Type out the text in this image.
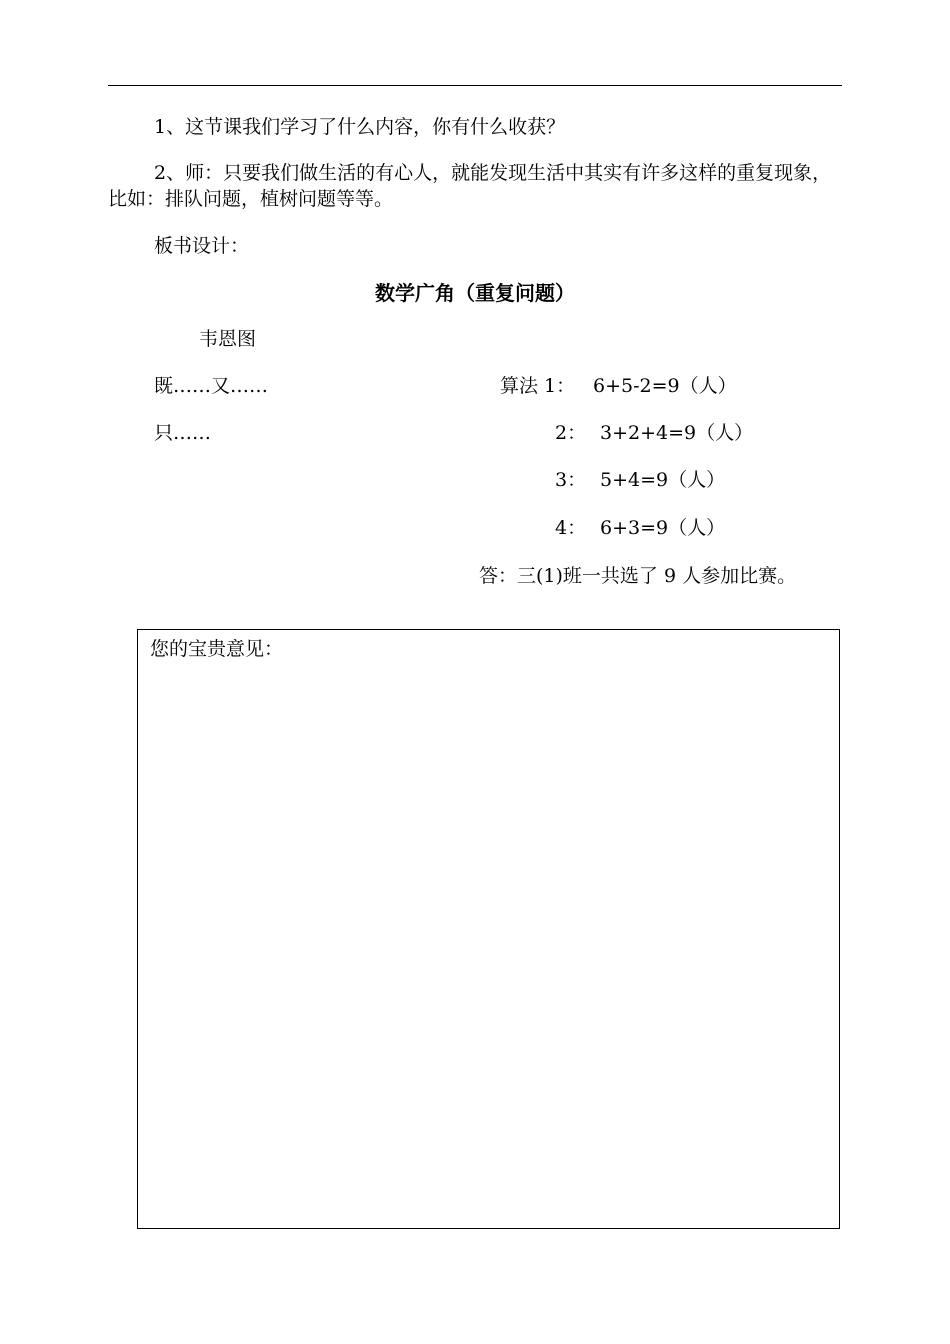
1、这节课我们学习了什么内容，你有什么收获？
2、师：只要我们做生活的有心人，就能发现生活中其实有许多这样的重复现象，比如：排队问题，植树问题等等。
板书设计：
数学广角（重复问题）
韦恩图
既……又……
只……
算法 1： 6+5-2=9（人）
2： 3+2+4=9（人）
3： 5+4=9（人）
4： 6+3=9（人）
答：三(1)班一共选了 9 人参加比赛。
您的宝贵意见：
